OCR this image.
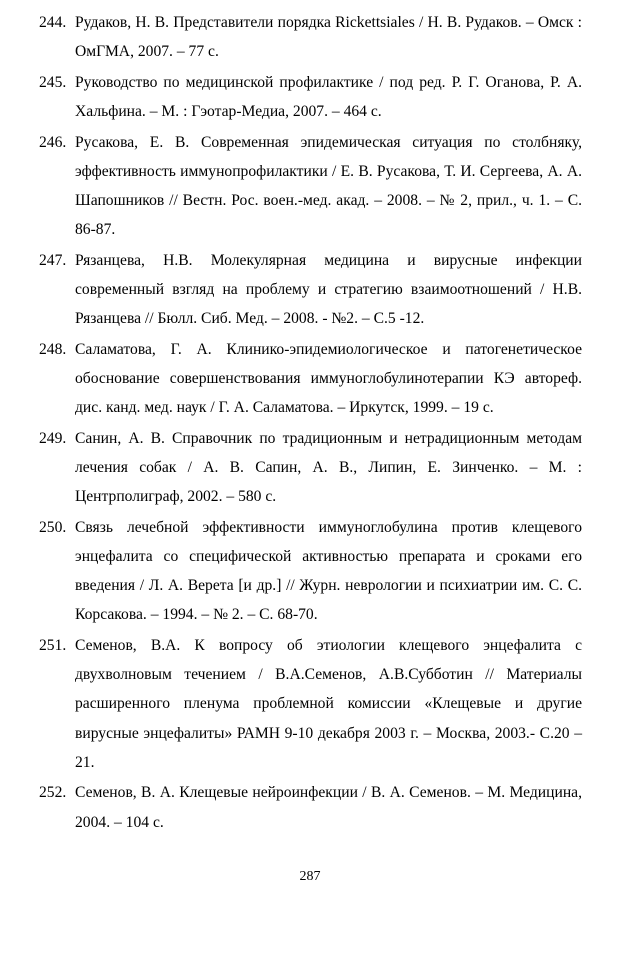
244. Рудаков, Н. В. Представители порядка Rickettsiales / Н. В. Рудаков. – Омск : ОмГМА, 2007. – 77 с.
245. Руководство по медицинской профилактике / под ред. Р. Г. Оганова, Р. А. Хальфина. – М. : Гэотар-Медиа, 2007. – 464 с.
246. Русакова, Е. В. Современная эпидемическая ситуация по столбняку, эффективность иммунопрофилактики / Е. В. Русакова, Т. И. Сергеева, А. А. Шапошников // Вестн. Рос. воен.-мед. акад. – 2008. – № 2, прил., ч. 1. – С. 86-87.
247. Рязанцева, Н.В. Молекулярная медицина и вирусные инфекции современный взгляд на проблему и стратегию взаимоотношений / Н.В. Рязанцева // Бюлл. Сиб. Мед. – 2008. - №2. – С.5 -12.
248. Саламатова, Г. А. Клинико-эпидемиологическое и патогенетическое обоснование совершенствования иммуноглобулинотерапии КЭ автореф. дис. канд. мед. наук / Г. А. Саламатова. – Иркутск, 1999. – 19 с.
249. Санин, А. В. Справочник по традиционным и нетрадиционным методам лечения собак / А. В. Сапин, А. В., Липин, Е. Зинченко. – М. : Центрполиграф, 2002. – 580 с.
250. Связь лечебной эффективности иммуноглобулина против клещевого энцефалита со специфической активностью препарата и сроками его введения / Л. А. Верета [и др.] // Журн. неврологии и психиатрии им. С. С. Корсакова. – 1994. – № 2. – С. 68-70.
251. Семенов, В.А. К вопросу об этиологии клещевого энцефалита с двухволновым течением / В.А.Семенов, А.В.Субботин // Материалы расширенного пленума проблемной комиссии «Клещевые и другие вирусные энцефалиты» РАМН 9-10 декабря 2003 г. – Москва, 2003.- С.20 – 21.
252. Семенов, В. А. Клещевые нейроинфекции / В. А. Семенов. – М. Медицина, 2004. – 104 с.
287
